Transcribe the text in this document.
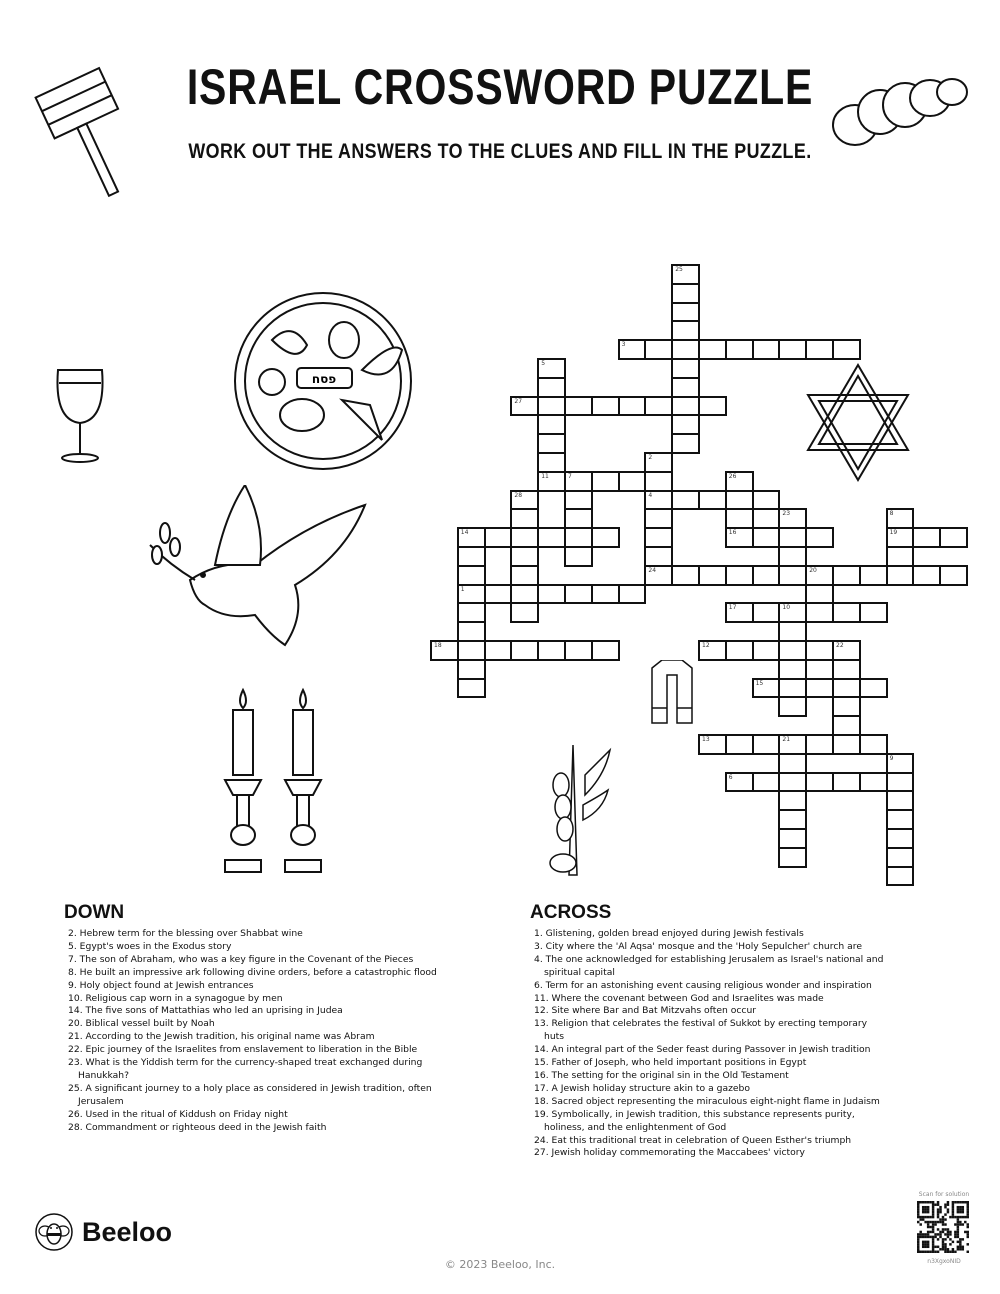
ISRAEL CROSSWORD PUZZLE
WORK OUT THE ANSWERS TO THE CLUES AND FILL IN THE PUZZLE.
פסח
25
3
5
11
27
2
4
24
7	26
16
28
23	8
19
14
1
20
17	10
18	12	22
15
13	21
9
6
DOWN
2. Hebrew term for the blessing over Shabbat wine
5. Egypt's woes in the Exodus story
7. The son of Abraham, who was a key figure in the Covenant of the Pieces
8. He built an impressive ark following divine orders, before a catastrophic flood
9. Holy object found at Jewish entrances
10. Religious cap worn in a synagogue by men
14. The five sons of Mattathias who led an uprising in Judea
20. Biblical vessel built by Noah
21. According to the Jewish tradition, his original name was Abram
22. Epic journey of the Israelites from enslavement to liberation in the Bible
23. What is the Yiddish term for the currency-shaped treat exchanged during Hanukkah?
25. A significant journey to a holy place as considered in Jewish tradition, often Jerusalem
26. Used in the ritual of Kiddush on Friday night
28. Commandment or righteous deed in the Jewish faith
ACROSS
1. Glistening, golden bread enjoyed during Jewish festivals
3. City where the 'Al Aqsa' mosque and the 'Holy Sepulcher' church are
4. The one acknowledged for establishing Jerusalem as Israel's national and spiritual capital
6. Term for an astonishing event causing religious wonder and inspiration
11. Where the covenant between God and Israelites was made
12. Site where Bar and Bat Mitzvahs often occur
13. Religion that celebrates the festival of Sukkot by erecting temporary huts
14. An integral part of the Seder feast during Passover in Jewish tradition
15. Father of Joseph, who held important positions in Egypt
16. The setting for the original sin in the Old Testament
17. A Jewish holiday structure akin to a gazebo
18. Sacred object representing the miraculous eight-night flame in Judaism
19. Symbolically, in Jewish tradition, this substance represents purity, holiness, and the enlightenment of God
24. Eat this traditional treat in celebration of Queen Esther's triumph
27. Jewish holiday commemorating the Maccabees' victory
Beeloo
© 2023 Beeloo, Inc.
Scan for solution
n3XgxoNID
